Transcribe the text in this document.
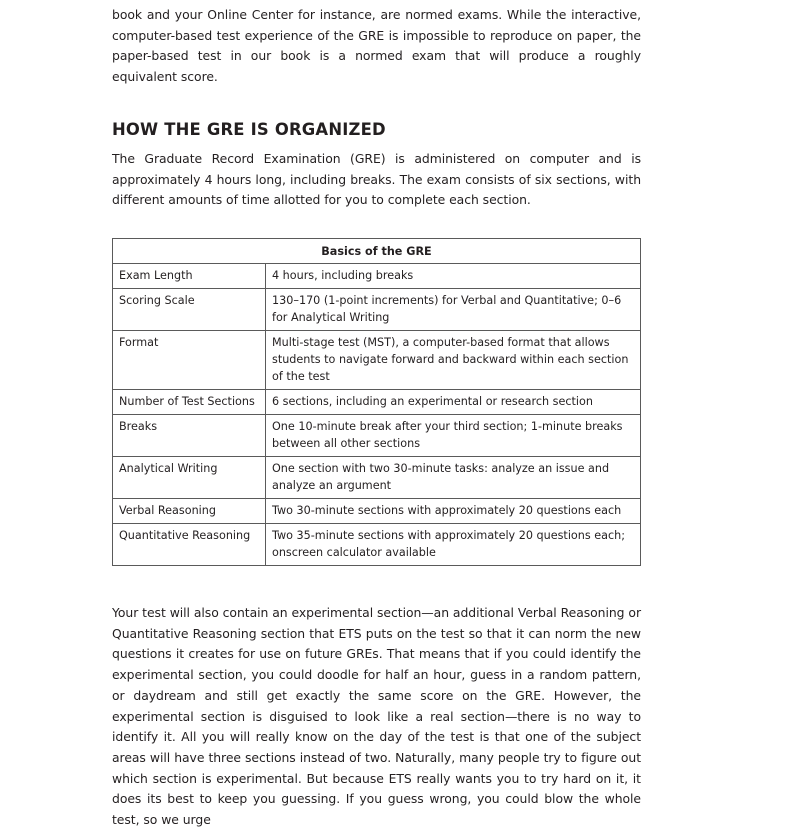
book and your Online Center for instance, are normed exams. While the interactive, computer-based test experience of the GRE is impossible to reproduce on paper, the paper-based test in our book is a normed exam that will produce a roughly equivalent score.

HOW THE GRE IS ORGANIZED

The Graduate Record Examination (GRE) is administered on computer and is approximately 4 hours long, including breaks. The exam consists of six sections, with different amounts of time allotted for you to complete each section.

Basics of the GRE	
Exam Length	4 hours, including breaks
Scoring Scale	130–170 (1-point increments) for Verbal and Quantitative; 0–6 for Analytical Writing
Format	Multi-stage test (MST), a computer-based format that allows students to navigate forward and backward within each section of the test
Number of Test Sections	6 sections, including an experimental or research section
Breaks	One 10-minute break after your third section; 1-minute breaks between all other sections
Analytical Writing	One section with two 30-minute tasks: analyze an issue and analyze an argument
Verbal Reasoning	Two 30-minute sections with approximately 20 questions each
Quantitative Reasoning	Two 35-minute sections with approximately 20 questions each; onscreen calculator available

Your test will also contain an experimental section—an additional Verbal Reasoning or Quantitative Reasoning section that ETS puts on the test so that it can norm the new questions it creates for use on future GREs. That means that if you could identify the experimental section, you could doodle for half an hour, guess in a random pattern, or daydream and still get exactly the same score on the GRE. However, the experimental section is disguised to look like a real section—there is no way to identify it. All you will really know on the day of the test is that one of the subject areas will have three sections instead of two. Naturally, many people try to figure out which section is experimental. But because ETS really wants you to try hard on it, it does its best to keep you guessing. If you guess wrong, you could blow the whole test, so we urge
